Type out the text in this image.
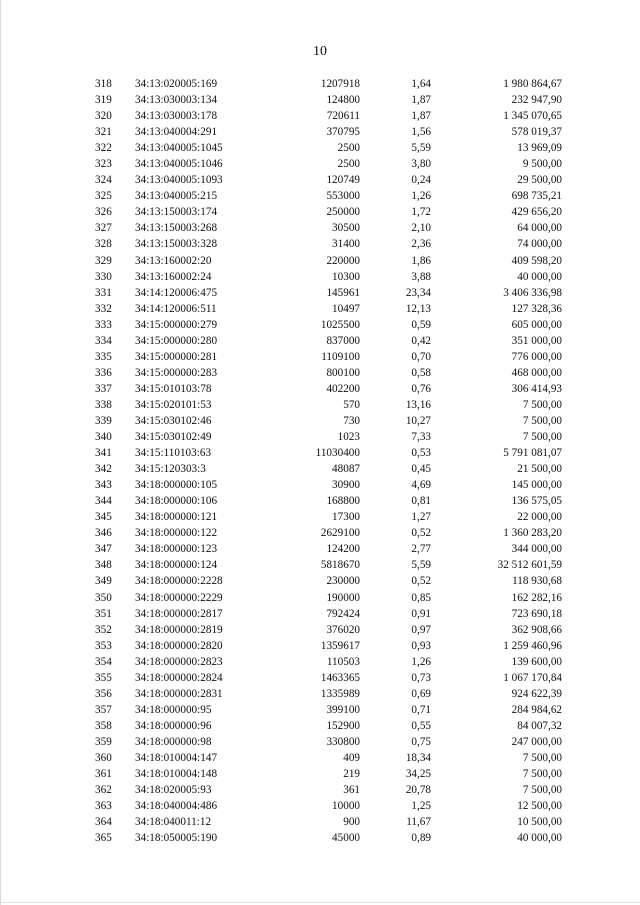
10
318	34:13:020005:169	1207918	1,64	1 980 864,67
319	34:13:030003:134	124800	1,87	232 947,90
320	34:13:030003:178	720611	1,87	1 345 070,65
321	34:13:040004:291	370795	1,56	578 019,37
322	34:13:040005:1045	2500	5,59	13 969,09
323	34:13:040005:1046	2500	3,80	9 500,00
324	34:13:040005:1093	120749	0,24	29 500,00
325	34:13:040005:215	553000	1,26	698 735,21
326	34:13:150003:174	250000	1,72	429 656,20
327	34:13:150003:268	30500	2,10	64 000,00
328	34:13:150003:328	31400	2,36	74 000,00
329	34:13:160002:20	220000	1,86	409 598,20
330	34:13:160002:24	10300	3,88	40 000,00
331	34:14:120006:475	145961	23,34	3 406 336,98
332	34:14:120006:511	10497	12,13	127 328,36
333	34:15:000000:279	1025500	0,59	605 000,00
334	34:15:000000:280	837000	0,42	351 000,00
335	34:15:000000:281	1109100	0,70	776 000,00
336	34:15:000000:283	800100	0,58	468 000,00
337	34:15:010103:78	402200	0,76	306 414,93
338	34:15:020101:53	570	13,16	7 500,00
339	34:15:030102:46	730	10,27	7 500,00
340	34:15:030102:49	1023	7,33	7 500,00
341	34:15:110103:63	11030400	0,53	5 791 081,07
342	34:15:120303:3	48087	0,45	21 500,00
343	34:18:000000:105	30900	4,69	145 000,00
344	34:18:000000:106	168800	0,81	136 575,05
345	34:18:000000:121	17300	1,27	22 000,00
346	34:18:000000:122	2629100	0,52	1 360 283,20
347	34:18:000000:123	124200	2,77	344 000,00
348	34:18:000000:124	5818670	5,59	32 512 601,59
349	34:18:000000:2228	230000	0,52	118 930,68
350	34:18:000000:2229	190000	0,85	162 282,16
351	34:18:000000:2817	792424	0,91	723 690,18
352	34:18:000000:2819	376020	0,97	362 908,66
353	34:18:000000:2820	1359617	0,93	1 259 460,96
354	34:18:000000:2823	110503	1,26	139 600,00
355	34:18:000000:2824	1463365	0,73	1 067 170,84
356	34:18:000000:2831	1335989	0,69	924 622,39
357	34:18:000000:95	399100	0,71	284 984,62
358	34:18:000000:96	152900	0,55	84 007,32
359	34:18:000000:98	330800	0,75	247 000,00
360	34:18:010004:147	409	18,34	7 500,00
361	34:18:010004:148	219	34,25	7 500,00
362	34:18:020005:93	361	20,78	7 500,00
363	34:18:040004:486	10000	1,25	12 500,00
364	34:18:040011:12	900	11,67	10 500,00
365	34:18:050005:190	45000	0,89	40 000,00
